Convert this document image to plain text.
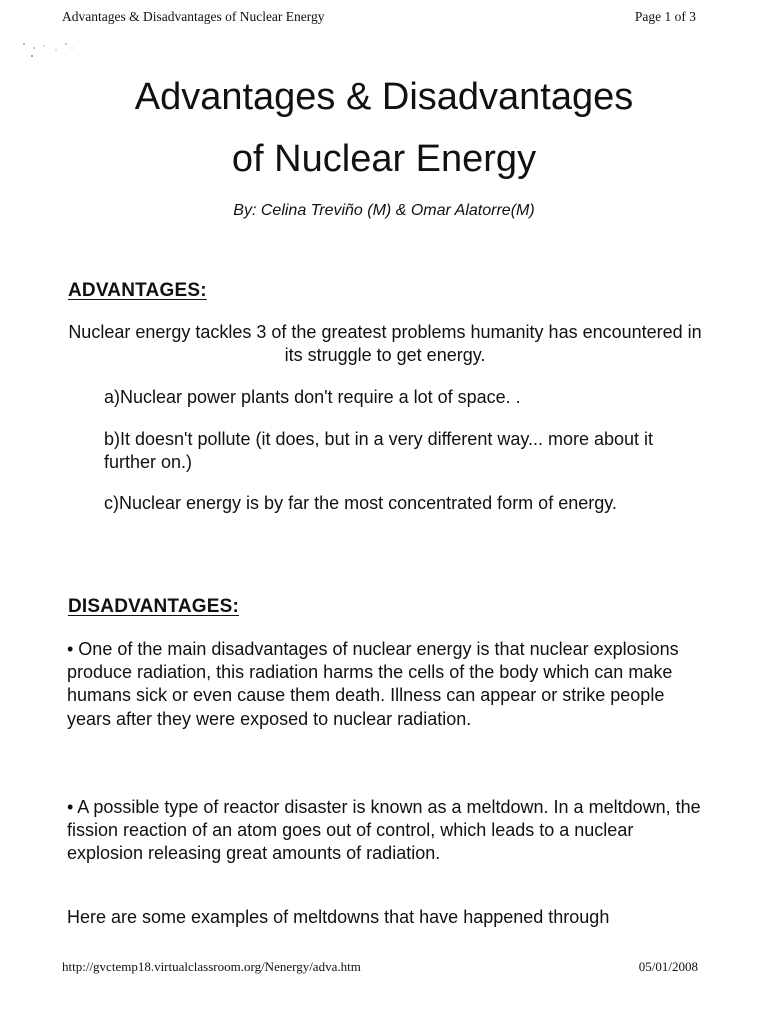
Advantages & Disadvantages of Nuclear Energy	Page 1 of 3
Advantages & Disadvantages
of Nuclear Energy
By: Celina Treviño (M) & Omar Alatorre(M)
ADVANTAGES:
Nuclear energy tackles 3 of the greatest problems humanity has encountered in its struggle to get energy.
a)Nuclear power plants don't require a lot of space. .
b)It doesn't pollute (it does, but in a very different way... more about it further on.)
c)Nuclear energy is by far the most concentrated form of energy.
DISADVANTAGES:
• One of the main disadvantages of nuclear energy is that nuclear explosions produce radiation, this radiation harms the cells of the body which can make humans sick or even cause them death. Illness can appear or strike people years after they were exposed to nuclear radiation.
• A possible type of reactor disaster is known as a meltdown. In a meltdown, the fission reaction of an atom goes out of control, which leads to a nuclear explosion releasing great amounts of radiation.
Here are some examples of meltdowns that have happened through
http://gvctemp18.virtualclassroom.org/Nenergy/adva.htm	05/01/2008
